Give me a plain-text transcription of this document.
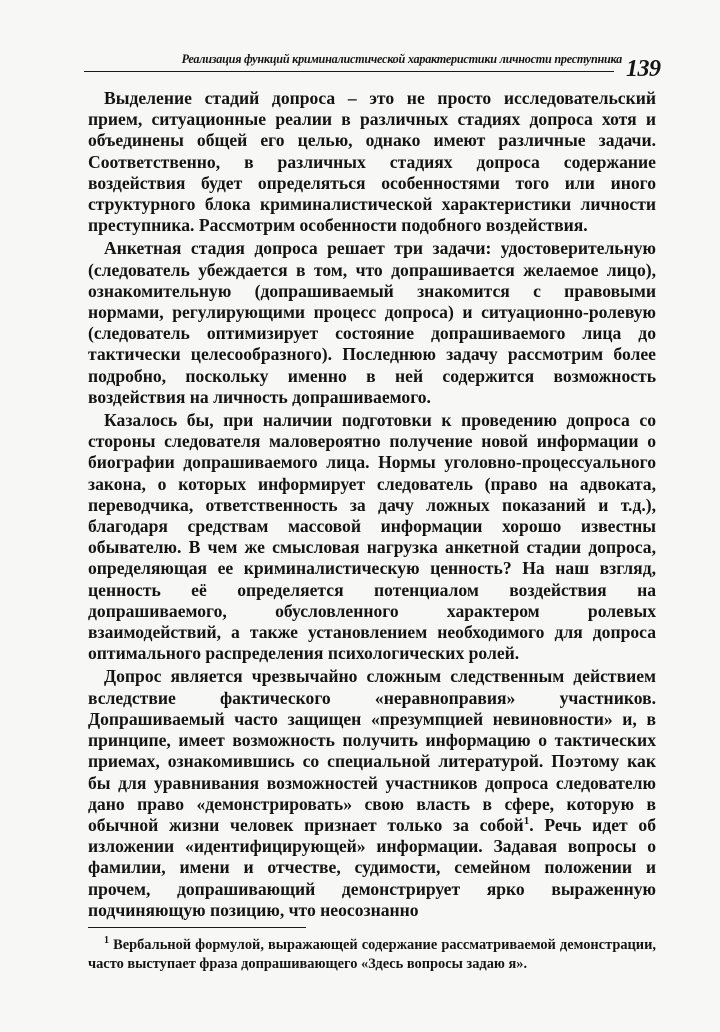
Реализация функций криминалистической характеристики личности преступника 139

Выделение стадий допроса – это не просто исследовательский прием, ситуационные реалии в различных стадиях допроса хотя и объединены общей его целью, однако имеют различные задачи. Соответственно, в различных стадиях допроса содержание воздействия будет определяться особенностями того или иного структурного блока криминалистической характеристики личности преступника. Рассмотрим особенности подобного воздействия.

Анкетная стадия допроса решает три задачи: удостоверительную (следователь убеждается в том, что допрашивается желаемое лицо), ознакомительную (допрашиваемый знакомится с правовыми нормами, регулирующими процесс допроса) и ситуационно-ролевую (следователь оптимизирует состояние допрашиваемого лица до тактически целесообразного). Последнюю задачу рассмотрим более подробно, поскольку именно в ней содержится возможность воздействия на личность допрашиваемого.

Казалось бы, при наличии подготовки к проведению допроса со стороны следователя маловероятно получение новой информации о биографии допрашиваемого лица. Нормы уголовно-процессуального закона, о которых информирует следователь (право на адвоката, переводчика, ответственность за дачу ложных показаний и т.д.), благодаря средствам массовой информации хорошо известны обывателю. В чем же смысловая нагрузка анкетной стадии допроса, определяющая ее криминалистическую ценность? На наш взгляд, ценность её определяется потенциалом воздействия на допрашиваемого, обусловленного характером ролевых взаимодействий, а также установлением необходимого для допроса оптимального распределения психологических ролей.

Допрос является чрезвычайно сложным следственным действием вследствие фактического «неравноправия» участников. Допрашиваемый часто защищен «презумпцией невиновности» и, в принципе, имеет возможность получить информацию о тактических приемах, ознакомившись со специальной литературой. Поэтому как бы для уравнивания возможностей участников допроса следователю дано право «демонстрировать» свою власть в сфере, которую в обычной жизни человек признает только за собой$^1$. Речь идет об изложении «идентифицирующей» информации. Задавая вопросы о фамилии, имени и отчестве, судимости, семейном положении и прочем, допрашивающий демонстрирует ярко выраженную подчиняющую позицию, что неосознанно

$^1$ Вербальной формулой, выражающей содержание рассматриваемой демонстрации, часто выступает фраза допрашивающего «Здесь вопросы задаю я».
